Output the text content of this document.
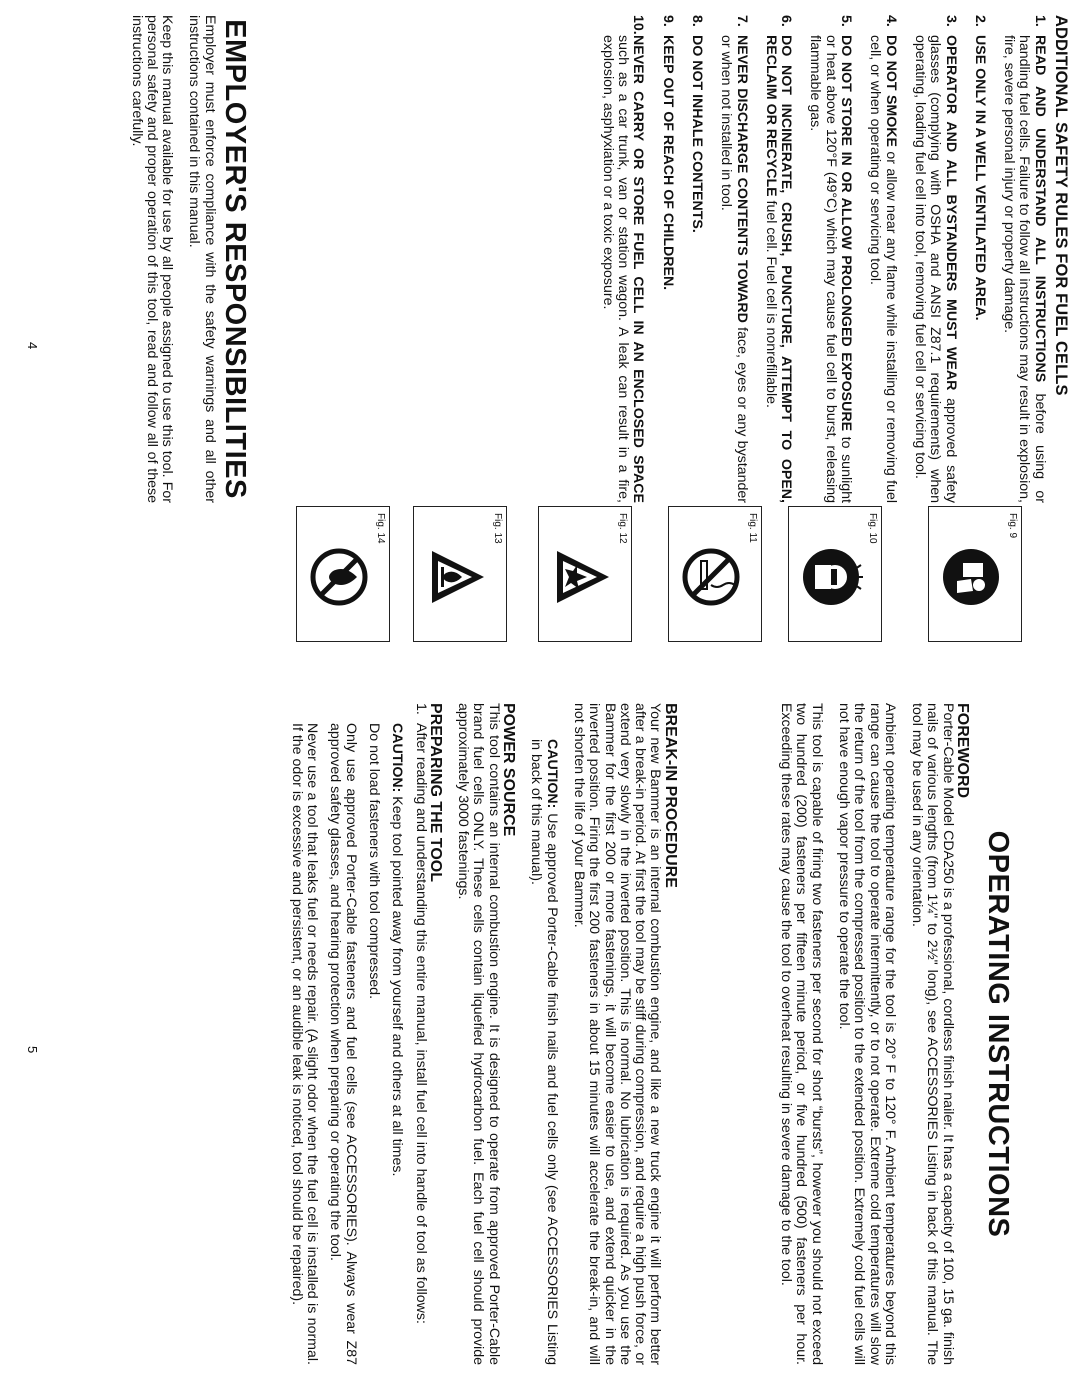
ADDITIONAL SAFETY RULES FOR FUEL CELLS
1.
READ AND UNDERSTAND ALL INSTRUCTIONS before using or handling fuel cells. Failure to follow all instructions may result in explosion, fire, severe personal injury or property damage.
2.
USE ONLY IN A WELL VENTILATED AREA.
3.
OPERATOR AND ALL BYSTANDERS MUST WEAR approved safety glasses (complying with OSHA and ANSI Z87.1 requirements) when operating, loading fuel cell into tool, removing fuel cell or servicing tool.
4.
DO NOT SMOKE or allow near any flame while installing or removing fuel cell, or when operating or servicing tool.
5.
DO NOT STORE IN OR ALLOW PROLONGED EXPOSURE to sunlight or heat above 120°F (49°C) which may cause fuel cell to burst, releasing flammable gas.
6.
DO NOT INCINERATE, CRUSH, PUNCTURE, ATTEMPT TO OPEN, RECLAIM OR RECYCLE fuel cell. Fuel cell is nonrefillable.
7.
NEVER DISCHARGE CONTENTS TOWARD face, eyes or any bystander or when not installed in tool.
8.
DO NOT INHALE CONTENTS.
9.
KEEP OUT OF REACH OF CHILDREN.
10.
NEVER CARRY OR STORE FUEL CELL IN AN ENCLOSED SPACE such as a car trunk, van or station wagon. A leak can result in a fire, explosion, asphyxiation or a toxic exposure.
Fig. 9
Fig. 10
Fig. 11
Fig. 12
Fig. 13
Fig. 14
EMPLOYER'S RESPONSIBILITIES

Employer must enforce compliance with the safety warnings and all other instructions contained in this manual.

Keep this manual available for use by all people assigned to use this tool. For personal safety and proper operation of this tool, read and follow all of these instructions carefully.

4
OPERATING INSTRUCTIONS
FOREWORD

Porter-Cable Model CDA250 is a professional, cordless finish nailer. It has a capacity of 100, 15 ga. finish nails of various lengths (from 1¼" to 2½" long), see ACCESSORIES Listing in back of this manual. The tool may be used in any orientation.

Ambient operating temperature range for the tool is 20° F to 120° F. Ambient temperatures beyond this range can cause the tool to operate intermittently, or to not operate. Extreme cold temperatures will slow the return of the tool from the compressed position to the extended position. Extremely cold fuel cells will not have enough vapor pressure to operate the tool.

This tool is capable of firing two fasteners per second for short “bursts”, however you should not exceed two hundred (200) fasteners per fifteen minute period, or five hundred (500) fasteners per hour. Exceeding these rates may cause the tool to overheat resulting in severe damage to the tool.

BREAK-IN PROCEDURE

Your new Bammer is an internal combustion engine, and like a new truck engine it will perform better after a break-in period. At first the tool may be stiff during compression, and require a high push force, or extend very slowly in the inverted position. This is normal. No lubrication is required. As you use the Bammer for the first 200 or more fastenings, it will become easier to use, and extend quicker in the inverted position. Firing the first 200 fasteners in about 15 minutes will accelerate the break-in, and will not shorten the life of your Bammer.

CAUTION: Use approved Porter-Cable finish nails and fuel cells only (see ACCESSORIES Listing in back of this manual).

POWER SOURCE

This tool contains an internal combustion engine. It is designed to operate from approved Porter-Cable brand fuel cells ONLY. These cells contain liquefied hydrocarbon fuel. Each fuel cell should provide approximately 3000 fastenings.

PREPARING THE TOOL
1.
After reading and understanding this entire manual, install fuel cell into handle of tool as follows:

CAUTION: Keep tool pointed away from yourself and others at all times.

Do not load fasteners with tool compressed.

Only use approved Porter-Cable fasteners and fuel cells (see ACCESSORIES). Always wear Z87 approved safety glasses, and hearing protection when preparing or operating the tool.

Never use a tool that leaks fuel or needs repair. (A slight odor when the fuel cell is installed is normal. If the odor is excessive and persistent, or an audible leak is noticed, tool should be repaired).

5
